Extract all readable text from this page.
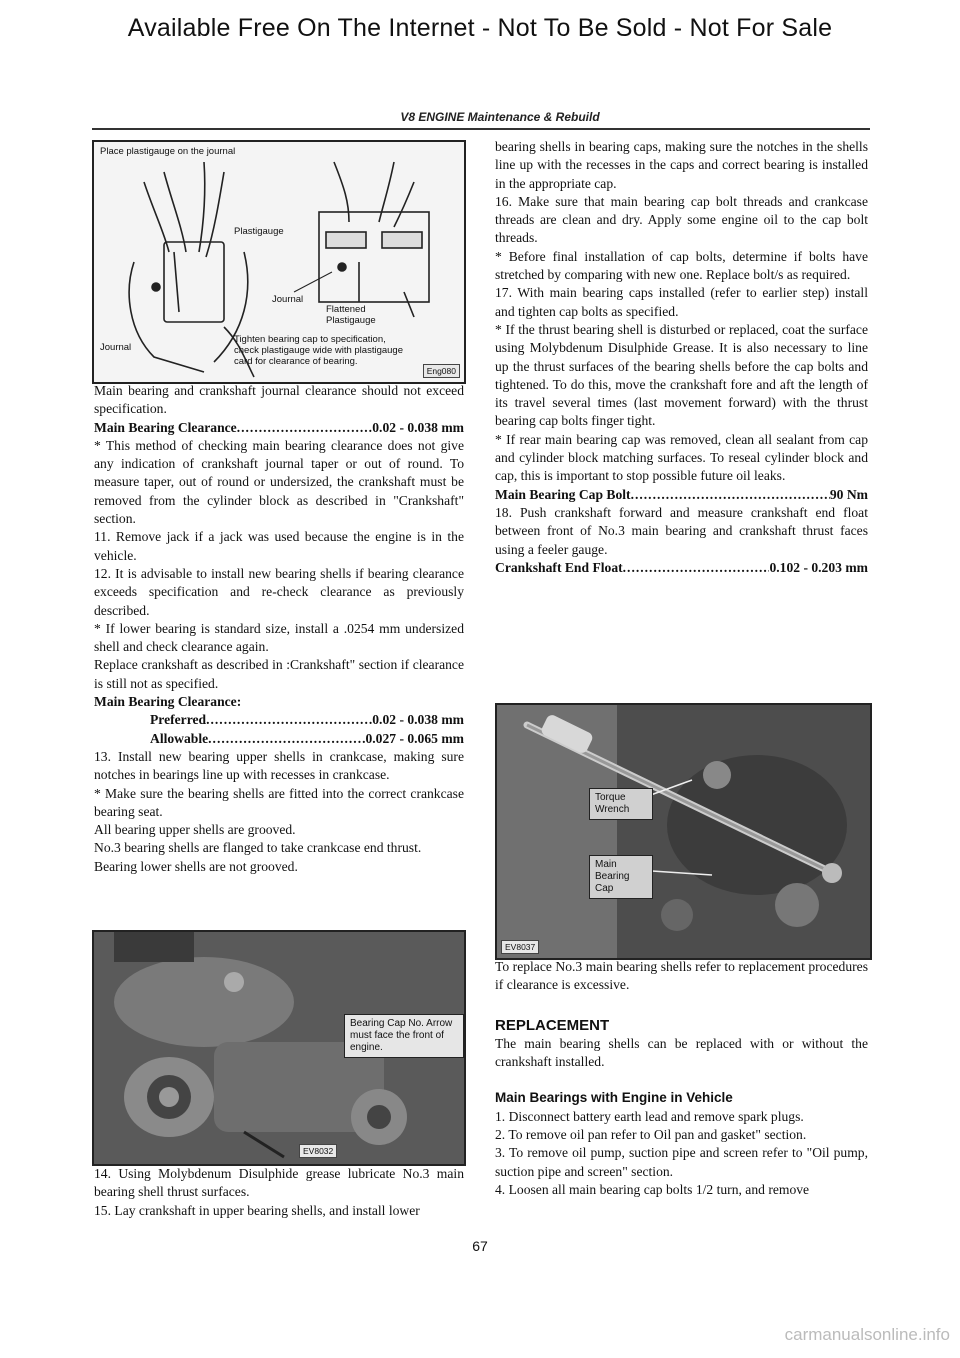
Available Free On The Internet - Not To Be Sold - Not For Sale
V8 ENGINE Maintenance & Rebuild
Place plastigauge on the journal
Plastigauge
Journal
Flattened Plastigauge
Journal
Tighten bearing cap to specification, check plastigauge wide with plastigauge card for clearance of bearing.
Eng080

Main bearing and crankshaft journal clearance should not exceed specification.

Main Bearing Clearance .....	0.02 - 0.038 mm

* This method of checking main bearing clearance does not give any indication of crankshaft journal taper or out of round. To measure taper, out of round or undersized, the crankshaft must be removed from the cylinder block as described in "Crankshaft" section.

11. Remove jack if a jack was used because the engine is in the vehicle.

12. It is advisable to install new bearing shells if bearing clearance exceeds specification and re-check clearance as previously described.

* If lower bearing is standard size, install a .0254 mm undersized shell and check clearance again.

Replace crankshaft as described in :Crankshaft" section if clearance is still not as specified.

Main Bearing Clearance:

Preferred .....	0.02 - 0.038 mm
Allowable .....	0.027 - 0.065 mm

13. Install new bearing upper shells in crankcase, making sure notches in bearings line up with recesses in crankcase.

* Make sure the bearing shells are fitted into the correct crankcase bearing seat.

All bearing upper shells are grooved.

No.3 bearing shells are flanged to take crankcase end thrust.

Bearing lower shells are not grooved.

Bearing Cap No. Arrow must face the front of engine.
EV8032

14. Using Molybdenum Disulphide grease lubricate No.3 main bearing shell thrust surfaces.

15. Lay crankshaft in upper bearing shells, and install lower

bearing shells in bearing caps, making sure the notches in the shells line up with the recesses in the caps and correct bearing is installed in the appropriate cap.

16. Make sure that main bearing cap bolt threads and crankcase threads are clean and dry. Apply some engine oil to the cap bolt threads.

* Before final installation of cap bolts, determine if bolts have stretched by comparing with new one. Replace bolt/s as required.

17. With main bearing caps installed (refer to earlier step) install and tighten cap bolts as specified.

* If the thrust bearing shell is disturbed or replaced, coat the surface using Molybdenum Disulphide Grease. It is also necessary to line up the thrust surfaces of the bearing shells before the cap bolts and tightened. To do this, move the crankshaft fore and aft the length of its travel several times (last movement forward) with the thrust bearing cap bolts finger tight.

* If rear main bearing cap was removed, clean all sealant from cap and cylinder block matching surfaces. To reseal cylinder block and cap, this is important to stop possible future oil leaks.

Main Bearing Cap Bolt .....	90 Nm

18. Push crankshaft forward and measure crankshaft end float between front of No.3 main bearing and crankshaft thrust faces using a feeler gauge.

Crankshaft End Float .....	0.102 - 0.203 mm
Torque Wrench
Main Bearing Cap
EV8037

To replace No.3 main bearing shells refer to replacement procedures if clearance is excessive.

REPLACEMENT

The main bearing shells can be replaced with or without the crankshaft installed.

Main Bearings with Engine in Vehicle

1. Disconnect battery earth lead and remove spark plugs.

2. To remove oil pan refer to Oil pan and gasket" section.

3. To remove oil pump, suction pipe and screen refer to "Oil pump, suction pipe and screen" section.

4. Loosen all main bearing cap bolts 1/2 turn, and remove

67
carmanualsonline.info
